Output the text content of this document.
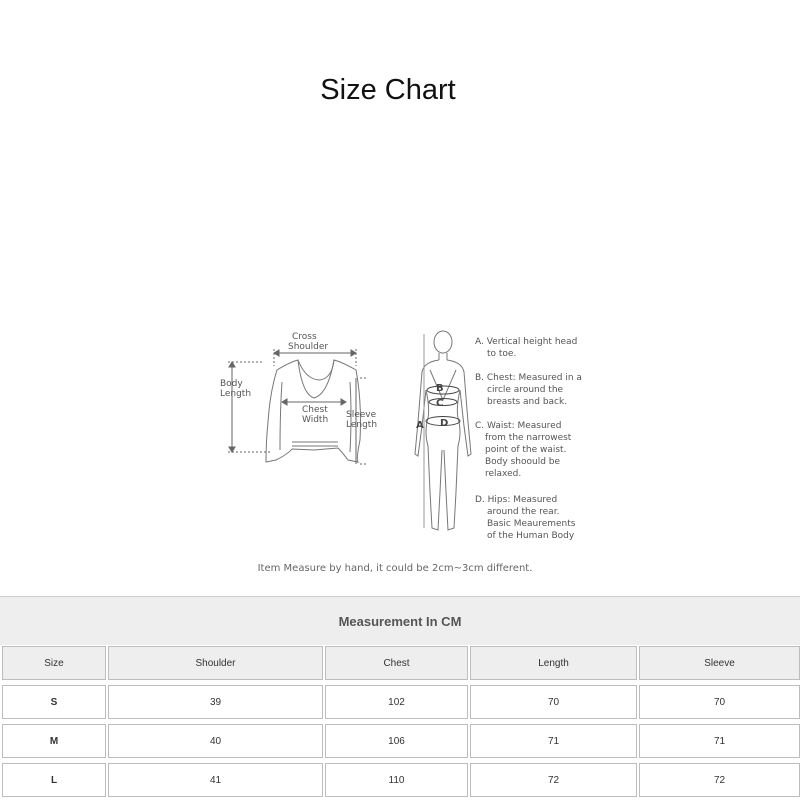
Size Chart
Cross
Shoulder
Body
Length
Chest
Width Sleeve
Length
B
C
D
A
A. Vertical height head
to toe.
B. Chest: Measured in a
circle around the
breasts and back.
C. Waist: Measured
from the narrowest
point of the waist.
Body shoould be
relaxed.
D. Hips: Measured
around the rear.
Basic Meaurements
of the Human Body
Item Measure by hand, it could be 2cm~3cm different.
Measurement In CM
Size	Shoulder	Chest	Length	Sleeve
S	39	102	70	70
M	40	106	71	71
L	41	110	72	72
